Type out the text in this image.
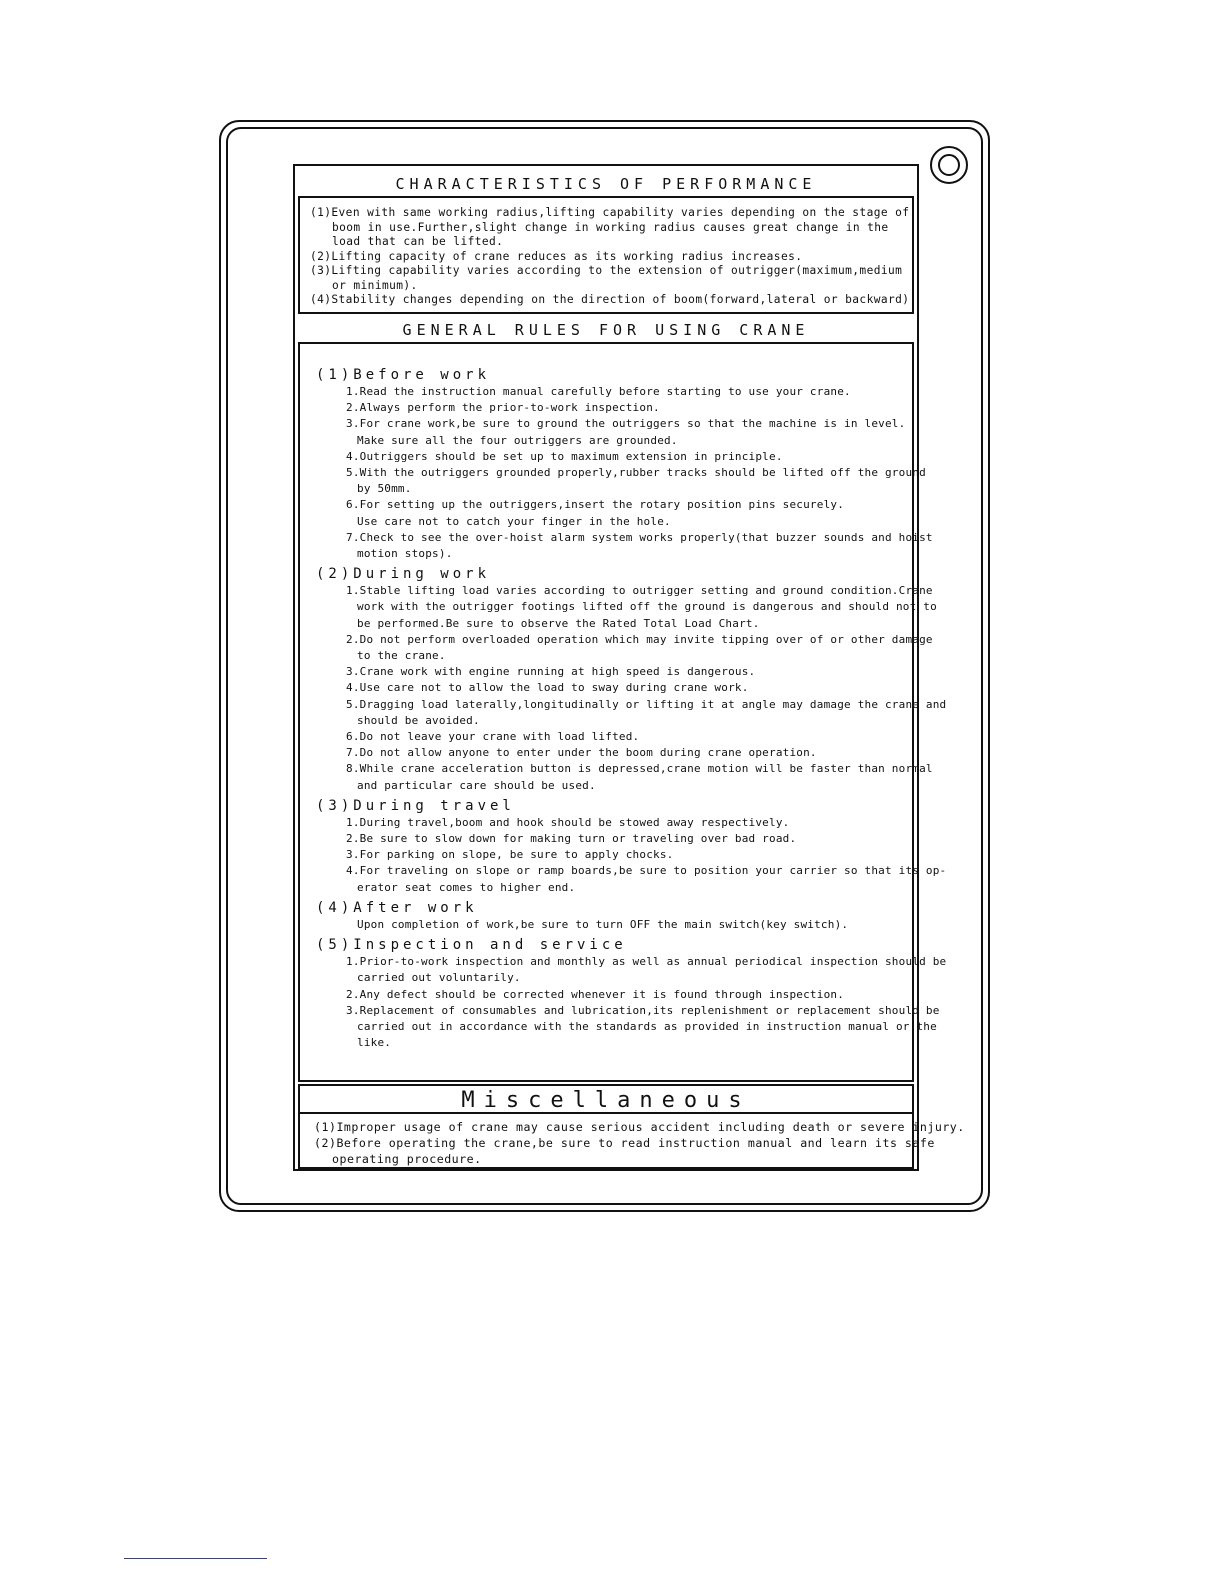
CHARACTERISTICS OF PERFORMANCE
(1)Even with same working radius,lifting capability varies depending on the stage of
boom in use.Further,slight change in working radius causes great change in the
load that can be lifted.
(2)Lifting capacity of crane reduces as its working radius increases.
(3)Lifting capability varies according to the extension of outrigger(maximum,medium
or minimum).
(4)Stability changes depending on the direction of boom(forward,lateral or backward).
GENERAL RULES FOR USING CRANE
(1)Before work
1.Read the instruction manual carefully before starting to use your crane.
2.Always perform the prior-to-work inspection.
3.For crane work,be sure to ground the outriggers so that the machine is in level.
Make sure all the four outriggers are grounded.
4.Outriggers should be set up to maximum extension in principle.
5.With the outriggers grounded properly,rubber tracks should be lifted off the ground
by 50mm.
6.For setting up the outriggers,insert the rotary position pins securely.
Use care not to catch your finger in the hole.
7.Check to see the over-hoist alarm system works properly(that buzzer sounds and hoist
motion stops).
(2)During work
1.Stable lifting load varies according to outrigger setting and ground condition.Crane
work with the outrigger footings lifted off the ground is dangerous and should not to
be performed.Be sure to observe the Rated Total Load Chart.
2.Do not perform overloaded operation which may invite tipping over of or other damage
to the crane.
3.Crane work with engine running at high speed is dangerous.
4.Use care not to allow the load to sway during crane work.
5.Dragging load laterally,longitudinally or lifting it at angle may damage the crane and
should be avoided.
6.Do not leave your crane with load lifted.
7.Do not allow anyone to enter under the boom during crane operation.
8.While crane acceleration button is depressed,crane motion will be faster than normal
and particular care should be used.
(3)During travel
1.During travel,boom and hook should be stowed away respectively.
2.Be sure to slow down for making turn or traveling over bad road.
3.For parking on slope, be sure to apply chocks.
4.For traveling on slope or ramp boards,be sure to position your carrier so that its op-
erator seat comes to higher end.
(4)After work
Upon completion of work,be sure to turn OFF the main switch(key switch).
(5)Inspection and service
1.Prior-to-work inspection and monthly as well as annual periodical inspection should be
carried out voluntarily.
2.Any defect should be corrected whenever it is found through inspection.
3.Replacement of consumables and lubrication,its replenishment or replacement should be
carried out in accordance with the standards as provided in instruction manual or the
like.
Miscellaneous
(1)Improper usage of crane may cause serious accident including death or severe injury.
(2)Before operating the crane,be sure to read instruction manual and learn its safe
operating procedure.
